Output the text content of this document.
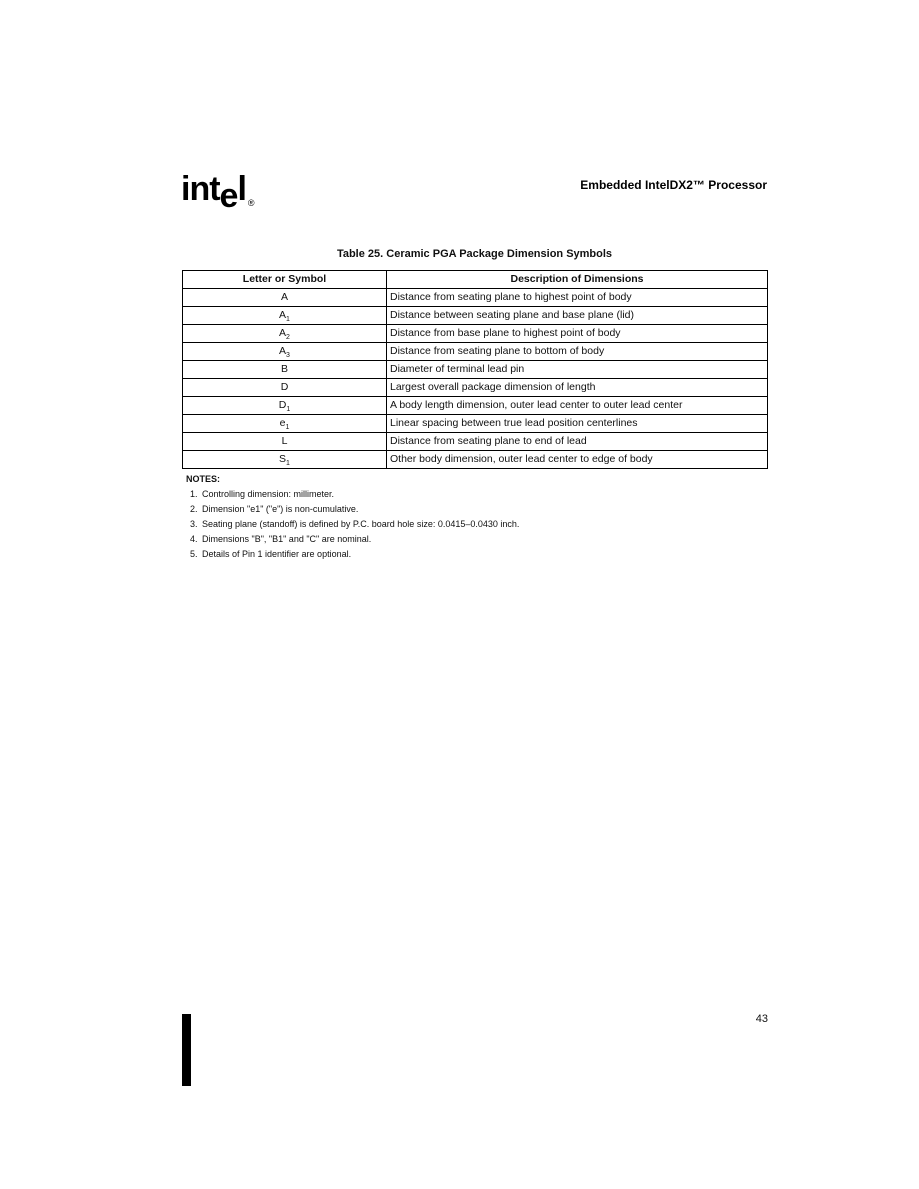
intel ®
Embedded IntelDX2™ Processor
Table 25. Ceramic PGA Package Dimension Symbols
Letter or Symbol	Description of Dimensions
A	Distance from seating plane to highest point of body
$A_1$	Distance between seating plane and base plane (lid)
$A_2$	Distance from base plane to highest point of body
$A_3$	Distance from seating plane to bottom of body
B	Diameter of terminal lead pin
D	Largest overall package dimension of length
$D_1$	A body length dimension, outer lead center to outer lead center
$e_1$	Linear spacing between true lead position centerlines
L	Distance from seating plane to end of lead
$S_1$	Other body dimension, outer lead center to edge of body
NOTES:
1. Controlling dimension: millimeter.
2. Dimension "e1" ("e") is non-cumulative.
3. Seating plane (standoff) is defined by P.C. board hole size: 0.0415–0.0430 inch.
4. Dimensions "B", "B1" and "C" are nominal.
5. Details of Pin 1 identifier are optional.
43
